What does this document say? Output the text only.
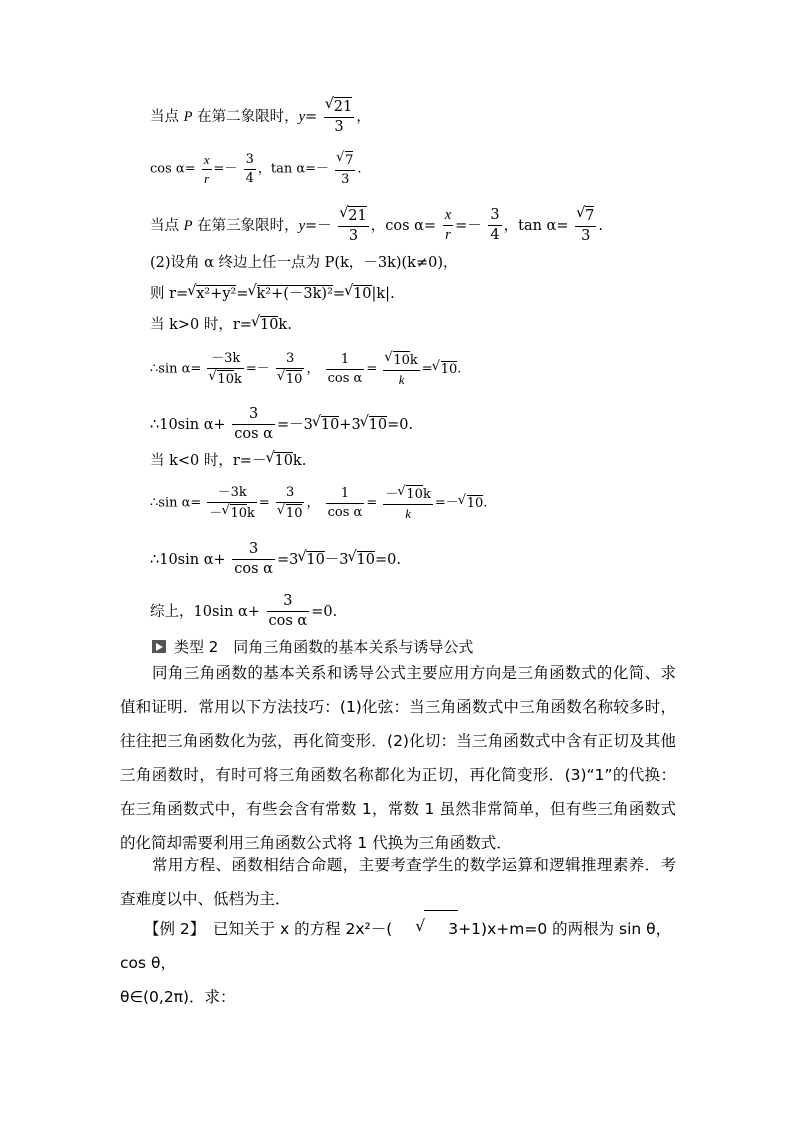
当点 P 在第二象限时，y=
√ $\frac{21}{3}$ ，
$\cos \alpha= \frac{x}{r} =- \frac{3}{4}$ ，tan α=－
√ $\frac{7}{3}$ .
当点 P 在第三象限时，y=－
√ $\frac{21}{3}$ ，$\cos \alpha= \frac{x}{r} =- \frac{3}{4}$ ，tan α=
√ $\frac{7}{3}$ .
(2)设角 α 终边上任一点为 P(k，－3k)(k≠0)，
则 r=√ x²+y²=√ k²+(－3k)²=√ 10|k|.
当 k>0 时，r=√ 10k.
∴sin α= －3k
√ 10k =－ 3
√ 10 ， $\frac{1}{\text{cos α}}$ =
√ $\frac{10k}{k}$ =√ 10.
∴10sin $\alpha+ \frac{3}{\text{cos α}} =-3√$ 10+3√ 10=0.
当 k<0 时，r=－√ 10k.
∴sin $\alpha= \frac{-3k}{-√ 10k} = 3$
√ 10 ， $\frac{1}{\text{cos α}} = \frac{-√ 10k}{k}$ =－√ 10.
∴10sin $\alpha+ \frac{3}{\text{cos α}} =3√$ 10－3√ 10=0.
综上，10sin $\alpha+ \frac{3}{\text{cos α}} =0$.
类型 2　同角三角函数的基本关系与诱导公式
同角三角函数的基本关系和诱导公式主要应用方向是三角函数式的化简、求值和证明．常用以下方法技巧：(1)化弦：当三角函数式中三角函数名称较多时，往往把三角函数化为弦，再化简变形．(2)化切：当三角函数式中含有正切及其他三角函数时，有时可将三角函数名称都化为正切，再化简变形．(3)“1”的代换：在三角函数式中，有些会含有常数 1，常数 1 虽然非常简单，但有些三角函数式的化简却需要利用三角函数公式将 1 代换为三角函数式．
常用方程、函数相结合命题，主要考查学生的数学运算和逻辑推理素养．考查难度以中、低档为主．
【例 2】　已知关于 x 的方程 2x²－(√	3+1)x+m=0 的两根为 sin θ，cos θ，
θ∈(0,2π)．求：
